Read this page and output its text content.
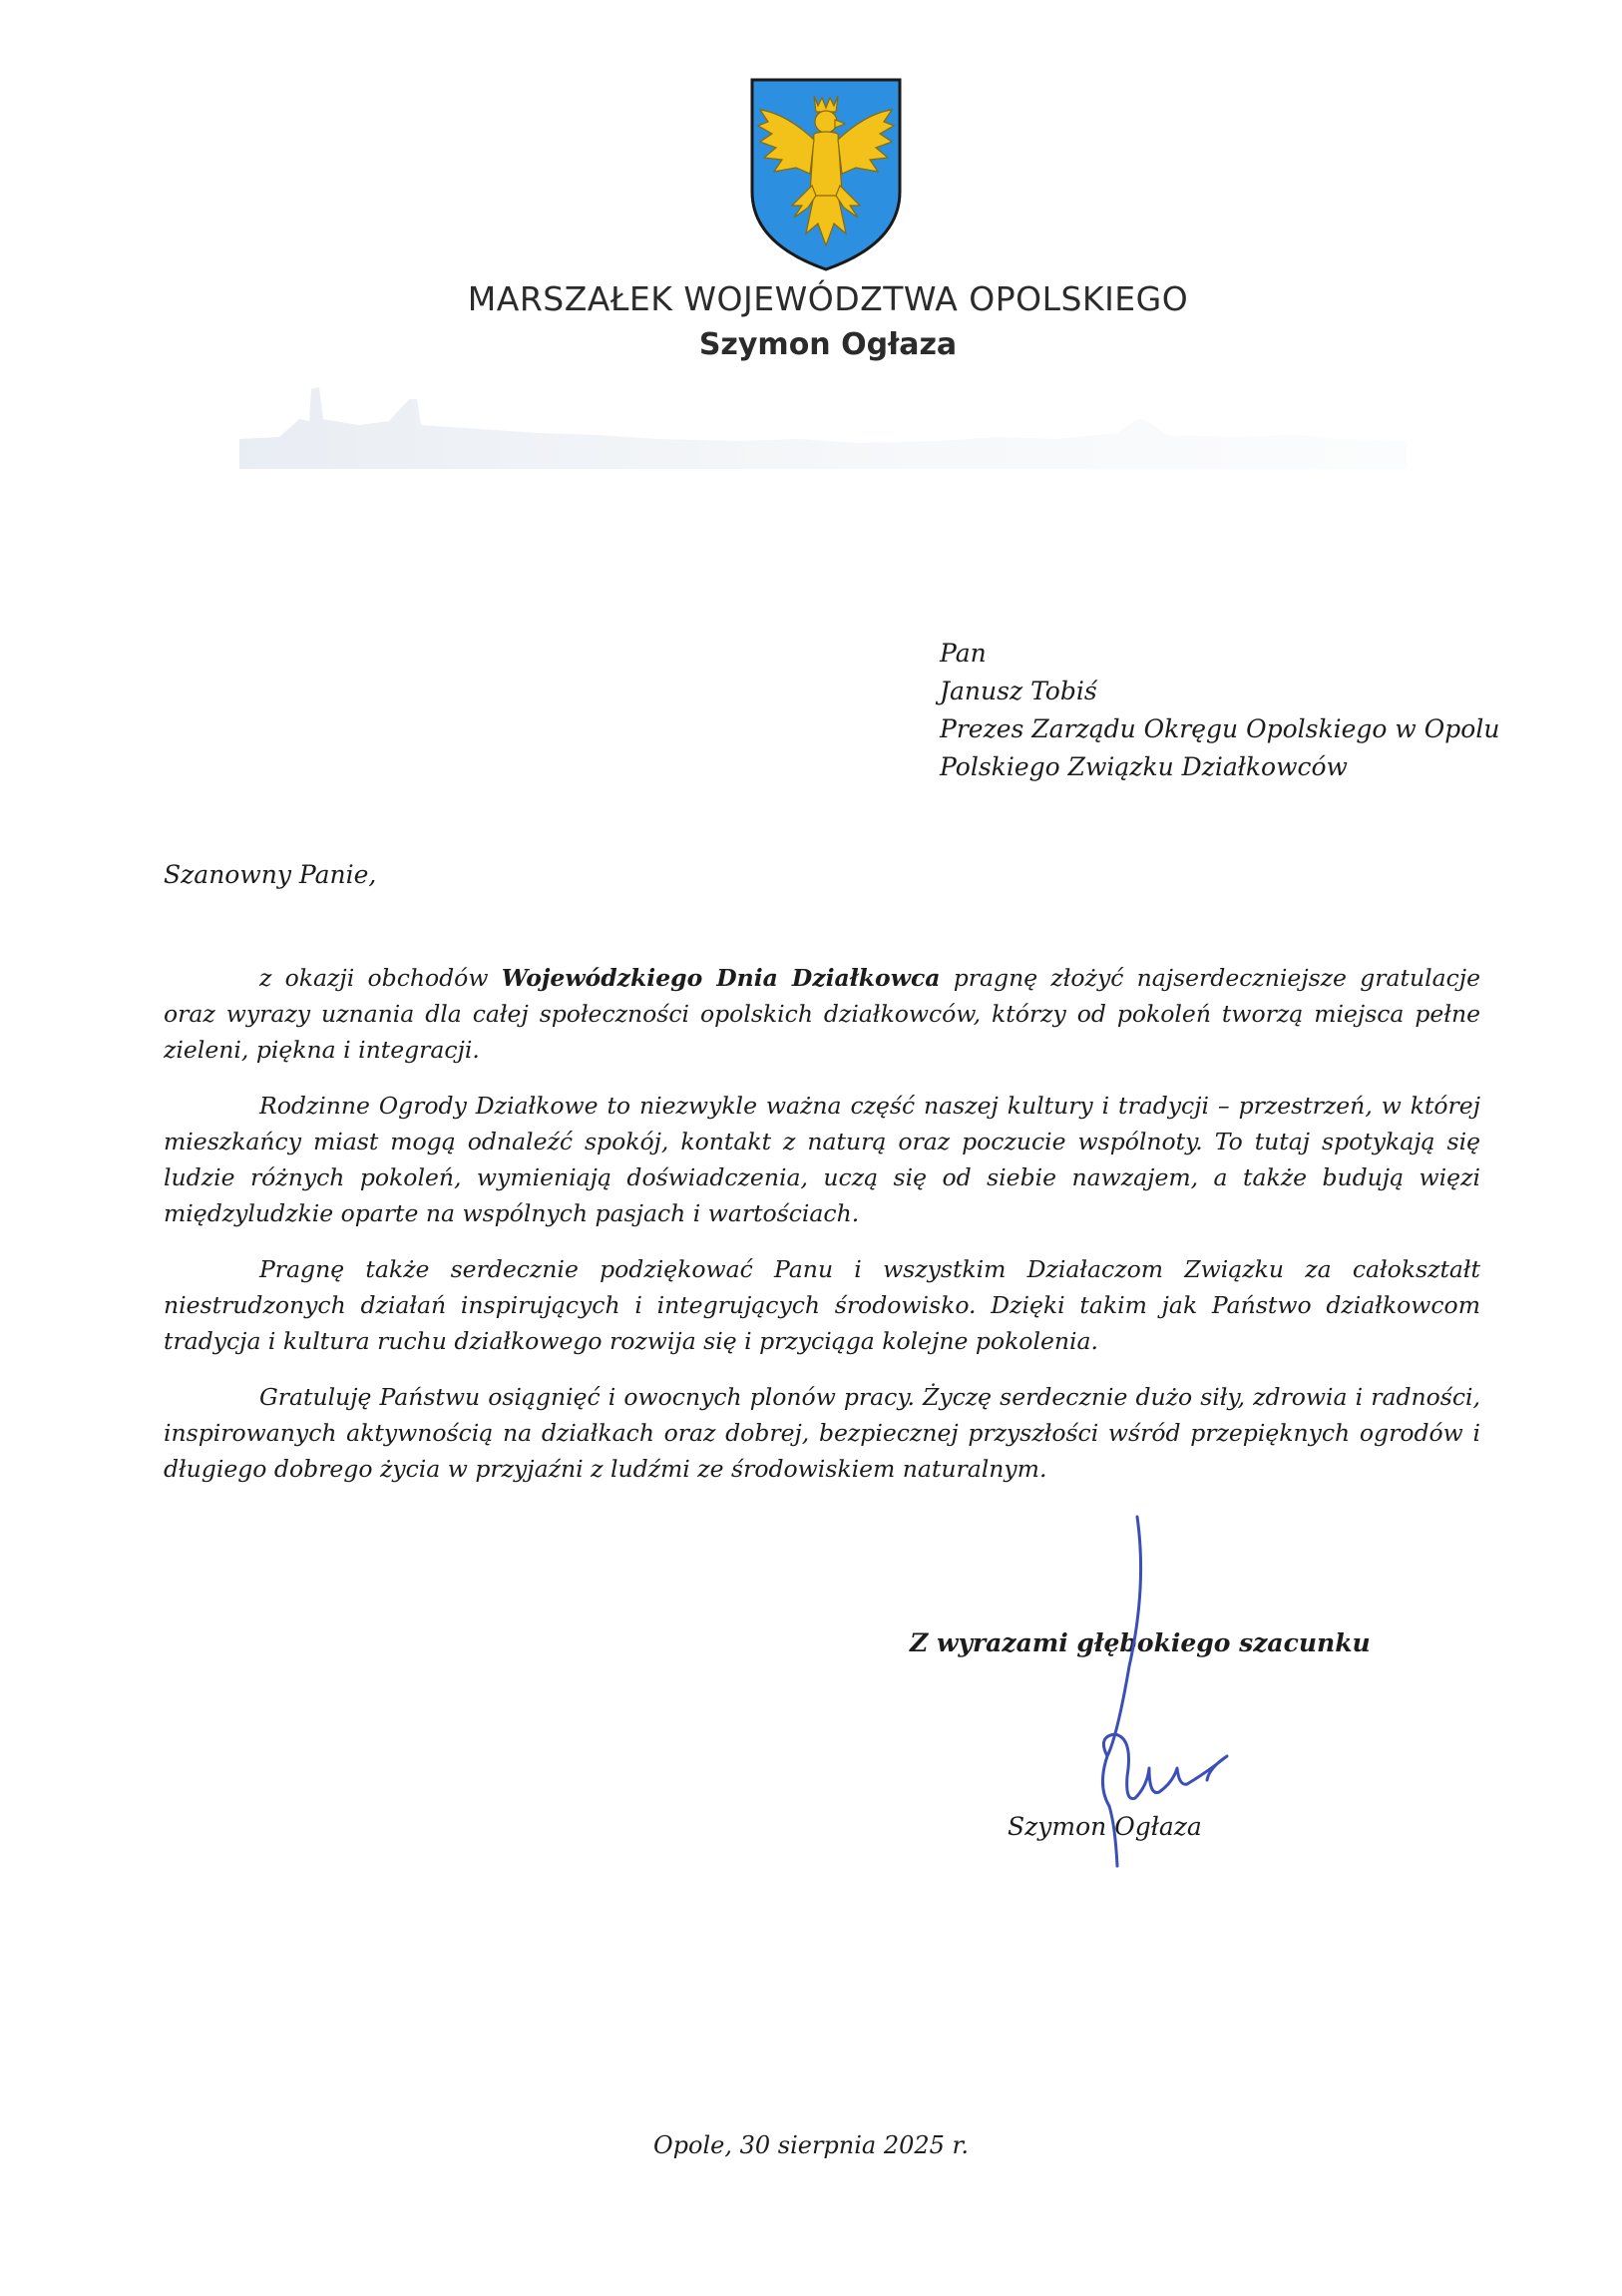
MARSZAŁEK WOJEWÓDZTWA OPOLSKIEGO
Szymon Ogłaza
Pan
Janusz Tobiś
Prezes Zarządu Okręgu Opolskiego w Opolu
Polskiego Związku Działkowców
Szanowny Panie,

z okazji obchodów Wojewódzkiego Dnia Działkowca pragnę złożyć najserdeczniejsze gratulacje oraz wyrazy uznania dla całej społeczności opolskich działkowców, którzy od pokoleń tworzą miejsca pełne zieleni, piękna i integracji.

Rodzinne Ogrody Działkowe to niezwykle ważna część naszej kultury i tradycji – przestrzeń, w której mieszkańcy miast mogą odnaleźć spokój, kontakt z naturą oraz poczucie wspólnoty. To tutaj spotykają się ludzie różnych pokoleń, wymieniają doświadczenia, uczą się od siebie nawzajem, a także budują więzi międzyludzkie oparte na wspólnych pasjach i wartościach.

Pragnę także serdecznie podziękować Panu i wszystkim Działaczom Związku za całokształt niestrudzonych działań inspirujących i integrujących środowisko. Dzięki takim jak Państwo działkowcom tradycja i kultura ruchu działkowego rozwija się i przyciąga kolejne pokolenia.

Gratuluję Państwu osiągnięć i owocnych plonów pracy. Życzę serdecznie dużo siły, zdrowia i radności, inspirowanych aktywnością na działkach oraz dobrej, bezpiecznej przyszłości wśród przepięknych ogrodów i długiego dobrego życia w przyjaźni z ludźmi ze środowiskiem naturalnym.

Z wyrazami głębokiego szacunku
Szymon Ogłaza
Opole, 30 sierpnia 2025 r.
